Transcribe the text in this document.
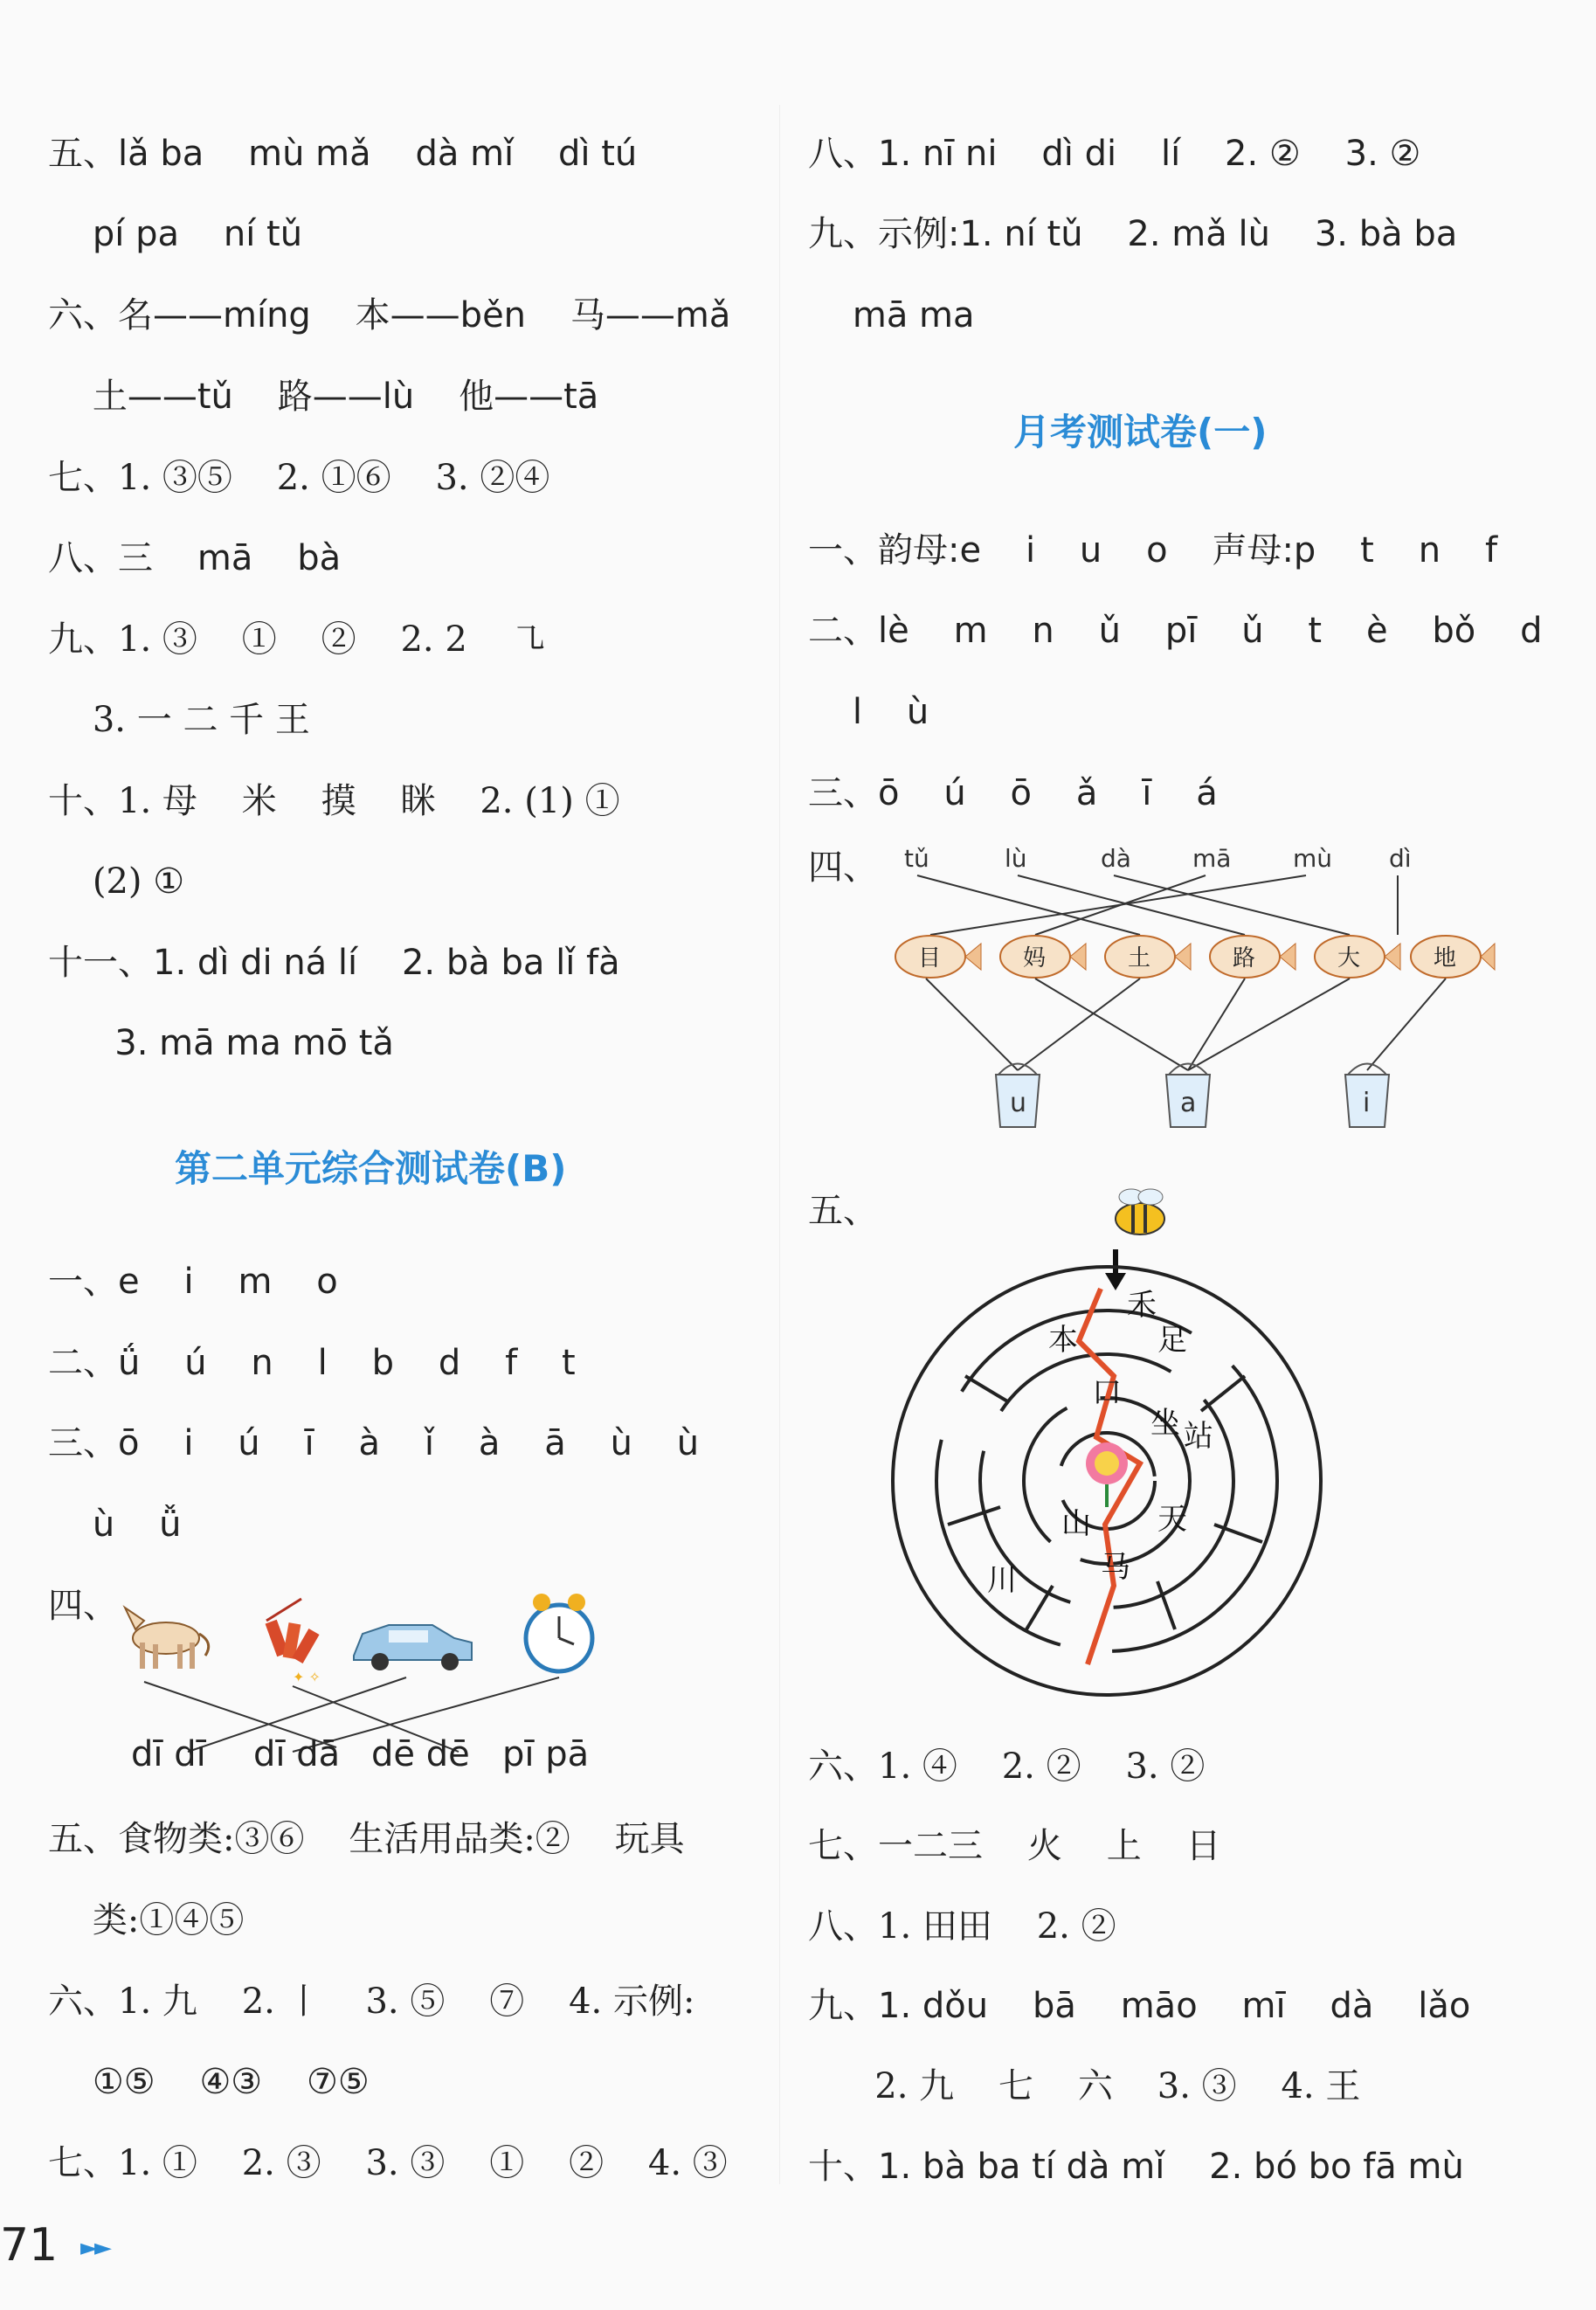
五、lǎ ba    mù mǎ    dà mǐ    dì tú
pí pa    ní tǔ
六、名——míng    本——běn    马——mǎ
土——tǔ    路——lù    他——tā
七、1. ③⑤    2. ①⑥    3. ②④
八、三    mā    bà
九、1. ③    ①    ②    2. 2    ㇈
3. 一 二 千 王
十、1. 母    米    摸    眯    2. (1) ①
(2) ①
十一、1. dì di ná lí    2. bà ba lǐ fà
3. mā ma mō tǎ
第二单元综合测试卷(B)
一、e    i    m    o
二、ǘ    ú    n    l    b    d    f    t
三、ō    i    ú    ī    à    ǐ    à    ā    ù    ù
ù    ǚ
四、
✦ ✧
dī dī dī dā dē dē pī pā
五、食物类:③⑥    生活用品类:②    玩具
类:①④⑤
六、1. 九    2. 丨    3. ⑤    ⑦    4. 示例:
①⑤    ④③    ⑦⑤
七、1. ①    2. ③    3. ③    ①    ②    4. ③
八、1. nī ni    dì di    lí    2. ②    3. ②
九、示例:1. ní tǔ    2. mǎ lù    3. bà ba
mā ma
月考测试卷(一)
一、韵母:e    i    u    o    声母:p    t    n    f
二、lè    m    n    ǔ    pī    ǔ    t    è    bǒ    d
l    ù
三、ō    ú    ō    ǎ    ī    á
四、 tǔ	lù	dà	mā	mù dì
目	妈	土	路	大	地
u	a	i
五、
禾
本	足
口
坐 站
山 天
马
川
六、1. ④    2. ②    3. ②
七、一二三    火    上    日
八、1. 田田    2. ②
九、1. dǒu    bā    māo    mī    dà    lǎo
2. 九    七    六    3. ③    4. 王
十、1. bà ba tí dà mǐ    2. bó bo fā mù
71 ►►
